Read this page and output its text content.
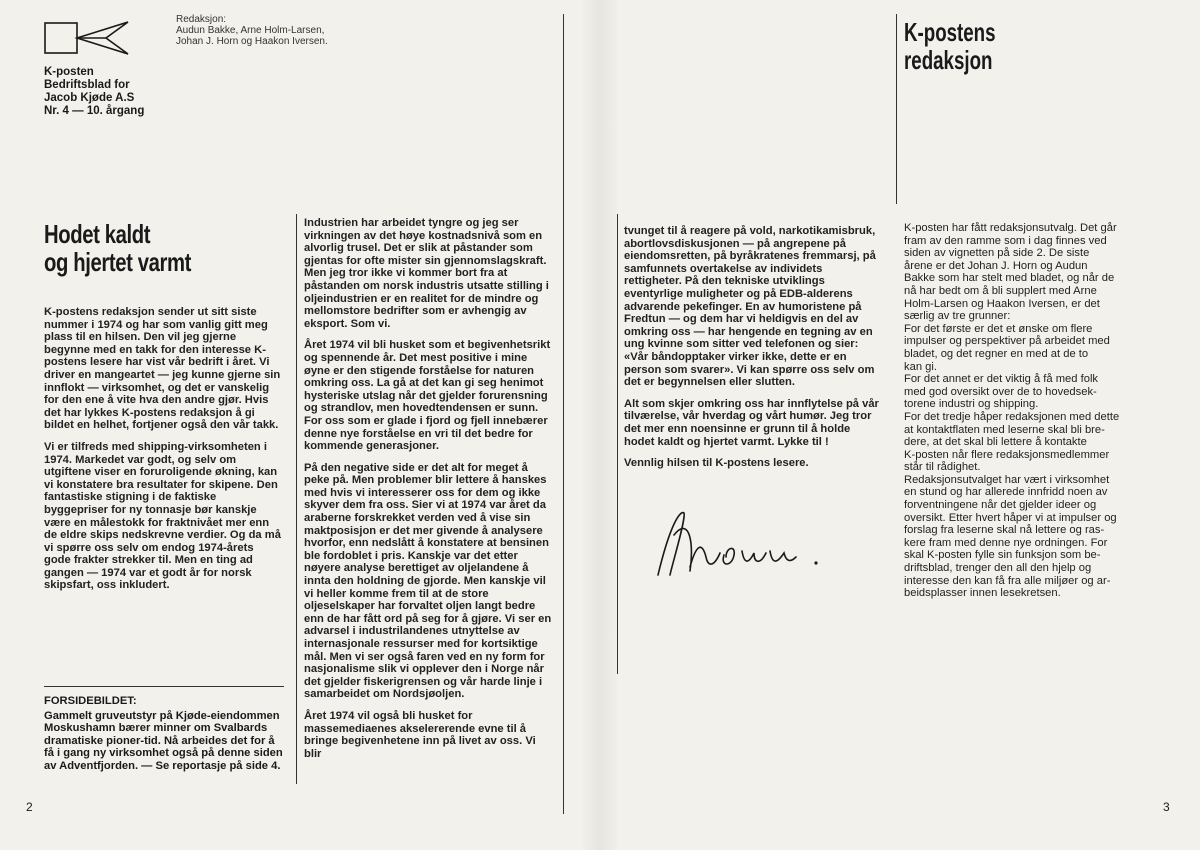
Redaksjon:
Audun Bakke, Arne Holm-Larsen,
Johan J. Horn og Haakon Iversen.
K-posten
Bedriftsblad for
Jacob Kjøde A.S
Nr. 4 — 10. årgang
Hodet kaldt
og hjertet varmt

K-postens redaksjon sender ut sitt siste nummer i 1974 og har som vanlig gitt meg plass til en hilsen. Den vil jeg gjerne begynne med en takk for den interesse K-postens lesere har vist vår bedrift i året. Vi driver en mangeartet — jeg kunne gjerne sin innflokt — virksomhet, og det er vanskelig for den ene å vite hva den andre gjør. Hvis det har lykkes K-postens redaksjon å gi bildet en helhet, fortjener også den vår takk.

Vi er tilfreds med shipping-virksomheten i 1974. Markedet var godt, og selv om utgiftene viser en foruroligende økning, kan vi konstatere bra resultater for skipene. Den fantastiske stigning i de faktiske byggepriser for ny tonnasje bør kanskje være en målestokk for fraktnivået mer enn de eldre skips nedskrevne verdier. Og da må vi spørre oss selv om endog 1974-årets gode frakter strekker til. Men en ting ad gangen — 1974 var et godt år for norsk skipsfart, oss inkludert.

FORSIDEBILDET:
Gammelt gruveutstyr på Kjøde-eiendommen Moskushamn bærer minner om Svalbards dramatiske pioner-tid. Nå arbeides det for å få i gang ny virksomhet også på denne siden av Adventfjorden. — Se reportasje på side 4.

Industrien har arbeidet tyngre og jeg ser virkningen av det høye kostnadsnivå som en alvorlig trusel. Det er slik at påstander som gjentas for ofte mister sin gjennomslagskraft. Men jeg tror ikke vi kommer bort fra at påstanden om norsk industris utsatte stilling i oljeindustrien er en realitet for de mindre og mellomstore bedrifter som er avhengig av eksport. Som vi.

Året 1974 vil bli husket som et begivenhetsrikt og spennende år. Det mest positive i mine øyne er den stigende forståelse for naturen omkring oss. La gå at det kan gi seg henimot hysteriske utslag når det gjelder forurensning og strandlov, men hovedtendensen er sunn. For oss som er glade i fjord og fjell innebærer denne nye forståelse en vri til det bedre for kommende generasjoner.

På den negative side er det alt for meget å peke på. Men problemer blir lettere å hanskes med hvis vi interesserer oss for dem og ikke skyver dem fra oss. Sier vi at 1974 var året da araberne forskrekket verden ved å vise sin maktposisjon er det mer givende å analysere hvorfor, enn nedslått å konstatere at bensinen ble fordoblet i pris. Kanskje var det etter nøyere analyse berettiget av oljelandene å innta den holdning de gjorde. Men kanskje vil vi heller komme frem til at de store oljeselskaper har forvaltet oljen langt bedre enn de har fått ord på seg for å gjøre. Vi ser en advarsel i industrilandenes utnyttelse av internasjonale ressurser med for kortsiktige mål. Men vi ser også faren ved en ny form for nasjonalisme slik vi opplever den i Norge når det gjelder fiskerigrensen og vår harde linje i samarbeidet om Nordsjøoljen.

Året 1974 vil også bli husket for massemediaenes akselererende evne til å bringe begivenhetene inn på livet av oss. Vi blir

2

tvunget til å reagere på vold, narkotikamisbruk, abortlovsdiskusjonen — på angrepene på eiendomsretten, på byråkratenes fremmarsj, på samfunnets overtakelse av individets rettigheter. På den tekniske utviklings eventyrlige muligheter og på EDB-alderens advarende pekefinger. En av humoristene på Fredtun — og dem har vi heldigvis en del av omkring oss — har hengende en tegning av en ung kvinne som sitter ved telefonen og sier: «Vår båndopptaker virker ikke, dette er en person som svarer». Vi kan spørre oss selv om det er begynnelsen eller slutten.

Alt som skjer omkring oss har innflytelse på vår tilværelse, vår hverdag og vårt humør. Jeg tror det mer enn noensinne er grunn til å holde hodet kaldt og hjertet varmt. Lykke til !

Vennlig hilsen til K-postens lesere.

K-postens
redaksjon

K-posten har fått redaksjonsutvalg. Det går

fram av den ramme som i dag finnes ved

siden av vignetten på side 2. De siste

årene er det Johan J. Horn og Audun

Bakke som har stelt med bladet, og når de

nå har bedt om å bli supplert med Arne

Holm-Larsen og Haakon Iversen, er det

særlig av tre grunner:

For det første er det et ønske om flere

impulser og perspektiver på arbeidet med

bladet, og det regner en med at de to

kan gi.

For det annet er det viktig å få med folk

med god oversikt over de to hovedsek-

torene industri og shipping.

For det tredje håper redaksjonen med dette

at kontaktflaten med leserne skal bli bre-

dere, at det skal bli lettere å kontakte

K-posten når flere redaksjonsmedlemmer

står til rådighet.

Redaksjonsutvalget har vært i virksomhet

en stund og har allerede innfridd noen av

forventningene når det gjelder ideer og

oversikt. Etter hvert håper vi at impulser og

forslag fra leserne skal nå lettere og ras-

kere fram med denne nye ordningen. For

skal K-posten fylle sin funksjon som be-

driftsblad, trenger den all den hjelp og

interesse den kan få fra alle miljøer og ar-

beidsplasser innen lesekretsen.

3
